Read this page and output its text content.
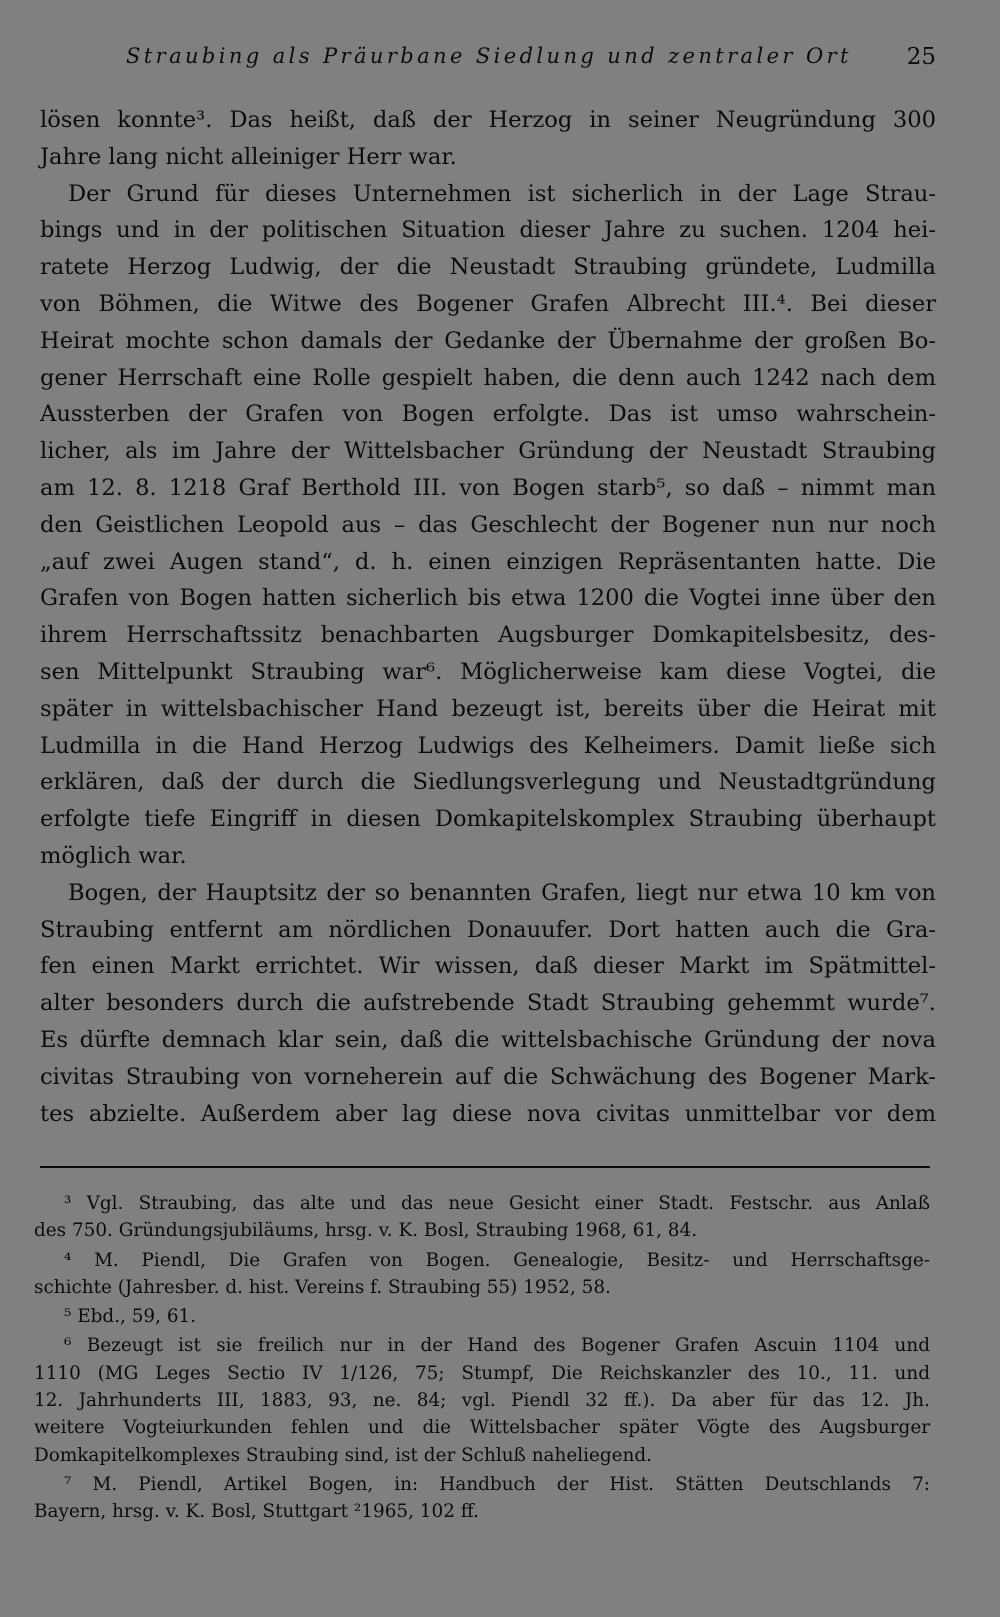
Straubing als Präurbane Siedlung und zentraler Ort 25
lösen konnte³. Das heißt, daß der Herzog in seiner Neugründung 300
Jahre lang nicht alleiniger Herr war.
Der Grund für dieses Unternehmen ist sicherlich in der Lage Strau-
bings und in der politischen Situation dieser Jahre zu suchen. 1204 hei-
ratete Herzog Ludwig, der die Neustadt Straubing gründete, Ludmilla
von Böhmen, die Witwe des Bogener Grafen Albrecht III.⁴. Bei dieser
Heirat mochte schon damals der Gedanke der Übernahme der großen Bo-
gener Herrschaft eine Rolle gespielt haben, die denn auch 1242 nach dem
Aussterben der Grafen von Bogen erfolgte. Das ist umso wahrschein-
licher, als im Jahre der Wittelsbacher Gründung der Neustadt Straubing
am 12. 8. 1218 Graf Berthold III. von Bogen starb⁵, so daß – nimmt man
den Geistlichen Leopold aus – das Geschlecht der Bogener nun nur noch
„auf zwei Augen stand“, d. h. einen einzigen Repräsentanten hatte. Die
Grafen von Bogen hatten sicherlich bis etwa 1200 die Vogtei inne über den
ihrem Herrschaftssitz benachbarten Augsburger Domkapitelsbesitz, des-
sen Mittelpunkt Straubing war⁶. Möglicherweise kam diese Vogtei, die
später in wittelsbachischer Hand bezeugt ist, bereits über die Heirat mit
Ludmilla in die Hand Herzog Ludwigs des Kelheimers. Damit ließe sich
erklären, daß der durch die Siedlungsverlegung und Neustadtgründung
erfolgte tiefe Eingriff in diesen Domkapitelskomplex Straubing überhaupt
möglich war.
Bogen, der Hauptsitz der so benannten Grafen, liegt nur etwa 10 km von
Straubing entfernt am nördlichen Donauufer. Dort hatten auch die Gra-
fen einen Markt errichtet. Wir wissen, daß dieser Markt im Spätmittel-
alter besonders durch die aufstrebende Stadt Straubing gehemmt wurde⁷.
Es dürfte demnach klar sein, daß die wittelsbachische Gründung der nova
civitas Straubing von vorneherein auf die Schwächung des Bogener Mark-
tes abzielte. Außerdem aber lag diese nova civitas unmittelbar vor dem
³ Vgl. Straubing, das alte und das neue Gesicht einer Stadt. Festschr. aus Anlaß
des 750. Gründungsjubiläums, hrsg. v. K. Bosl, Straubing 1968, 61, 84.
⁴ M. Piendl, Die Grafen von Bogen. Genealogie, Besitz- und Herrschaftsge-
schichte (Jahresber. d. hist. Vereins f. Straubing 55) 1952, 58.
⁵ Ebd., 59, 61.
⁶ Bezeugt ist sie freilich nur in der Hand des Bogener Grafen Ascuin 1104 und
1110 (MG Leges Sectio IV 1/126, 75; Stumpf, Die Reichskanzler des 10., 11. und
12. Jahrhunderts III, 1883, 93, ne. 84; vgl. Piendl 32 ff.). Da aber für das 12. Jh.
weitere Vogteiurkunden fehlen und die Wittelsbacher später Vögte des Augsburger
Domkapitelkomplexes Straubing sind, ist der Schluß naheliegend.
⁷ M. Piendl, Artikel Bogen, in: Handbuch der Hist. Stätten Deutschlands 7:
Bayern, hrsg. v. K. Bosl, Stuttgart ²1965, 102 ff.
